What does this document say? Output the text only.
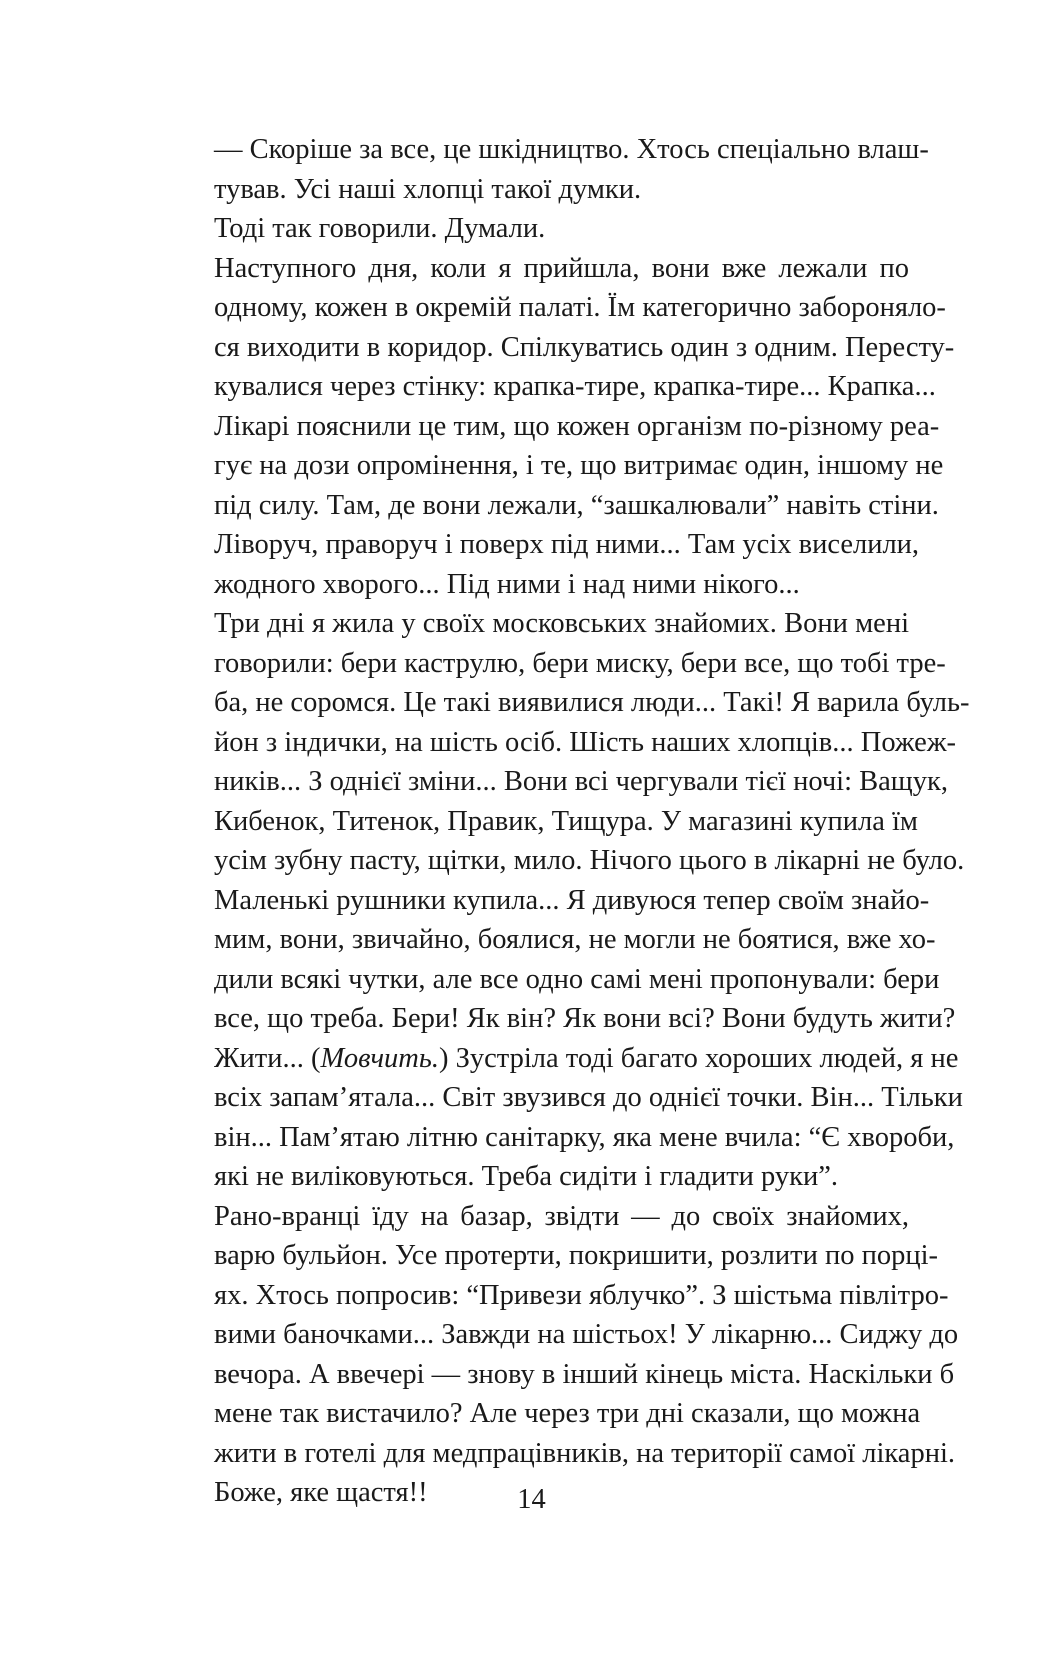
— Скоріше за все, це шкідництво. Хтось спеціально влаш-
тував. Усі наші хлопці такої думки.

Тоді так говорили. Думали.

Наступного дня, коли я прийшла, вони вже лежали по
одному, кожен в окремій палаті. Їм категорично забороняло-
ся виходити в коридор. Спілкуватись один з одним. Пересту-
кувалися через стінку: крапка-тире, крапка-тире... Крапка...
Лікарі пояснили це тим, що кожен організм по-різному реа-
гує на дози опромінення, і те, що витримає один, іншому не
під силу. Там, де вони лежали, “зашкалювали” навіть стіни.
Ліворуч, праворуч і поверх під ними... Там усіх виселили,
жодного хворого... Під ними і над ними нікого...

Три дні я жила у своїх московських знайомих. Вони мені
говорили: бери каструлю, бери миску, бери все, що тобі тре-
ба, не соромся. Це такі виявилися люди... Такі! Я варила буль-
йон з індички, на шість осіб. Шість наших хлопців... Пожеж-
ників... З однієї зміни... Вони всі чергували тієї ночі: Ващук,
Кибенок, Титенок, Правик, Тищура. У магазині купила їм
усім зубну пасту, щітки, мило. Нічого цього в лікарні не було.
Маленькі рушники купила... Я дивуюся тепер своїм знайо-
мим, вони, звичайно, боялися, не могли не боятися, вже хо-
дили всякі чутки, але все одно самі мені пропонували: бери
все, що треба. Бери! Як він? Як вони всі? Вони будуть жити?
Жити... (Мовчить.) Зустріла тоді багато хороших людей, я не
всіх запам’ятала... Світ звузився до однієї точки. Він... Тільки
він... Пам’ятаю літню санітарку, яка мене вчила: “Є хвороби,
які не виліковуються. Треба сидіти і гладити руки”.

Рано-вранці їду на базар, звідти — до своїх знайомих,
варю бульйон. Усе протерти, покришити, розлити по порці-
ях. Хтось попросив: “Привези яблучко”. З шістьма півлітро-
вими баночками... Завжди на шістьох! У лікарню... Сиджу до
вечора. А ввечері — знову в інший кінець міста. Наскільки б
мене так вистачило? Але через три дні сказали, що можна
жити в готелі для медпрацівників, на території самої лікарні.
Боже, яке щастя!!	14
